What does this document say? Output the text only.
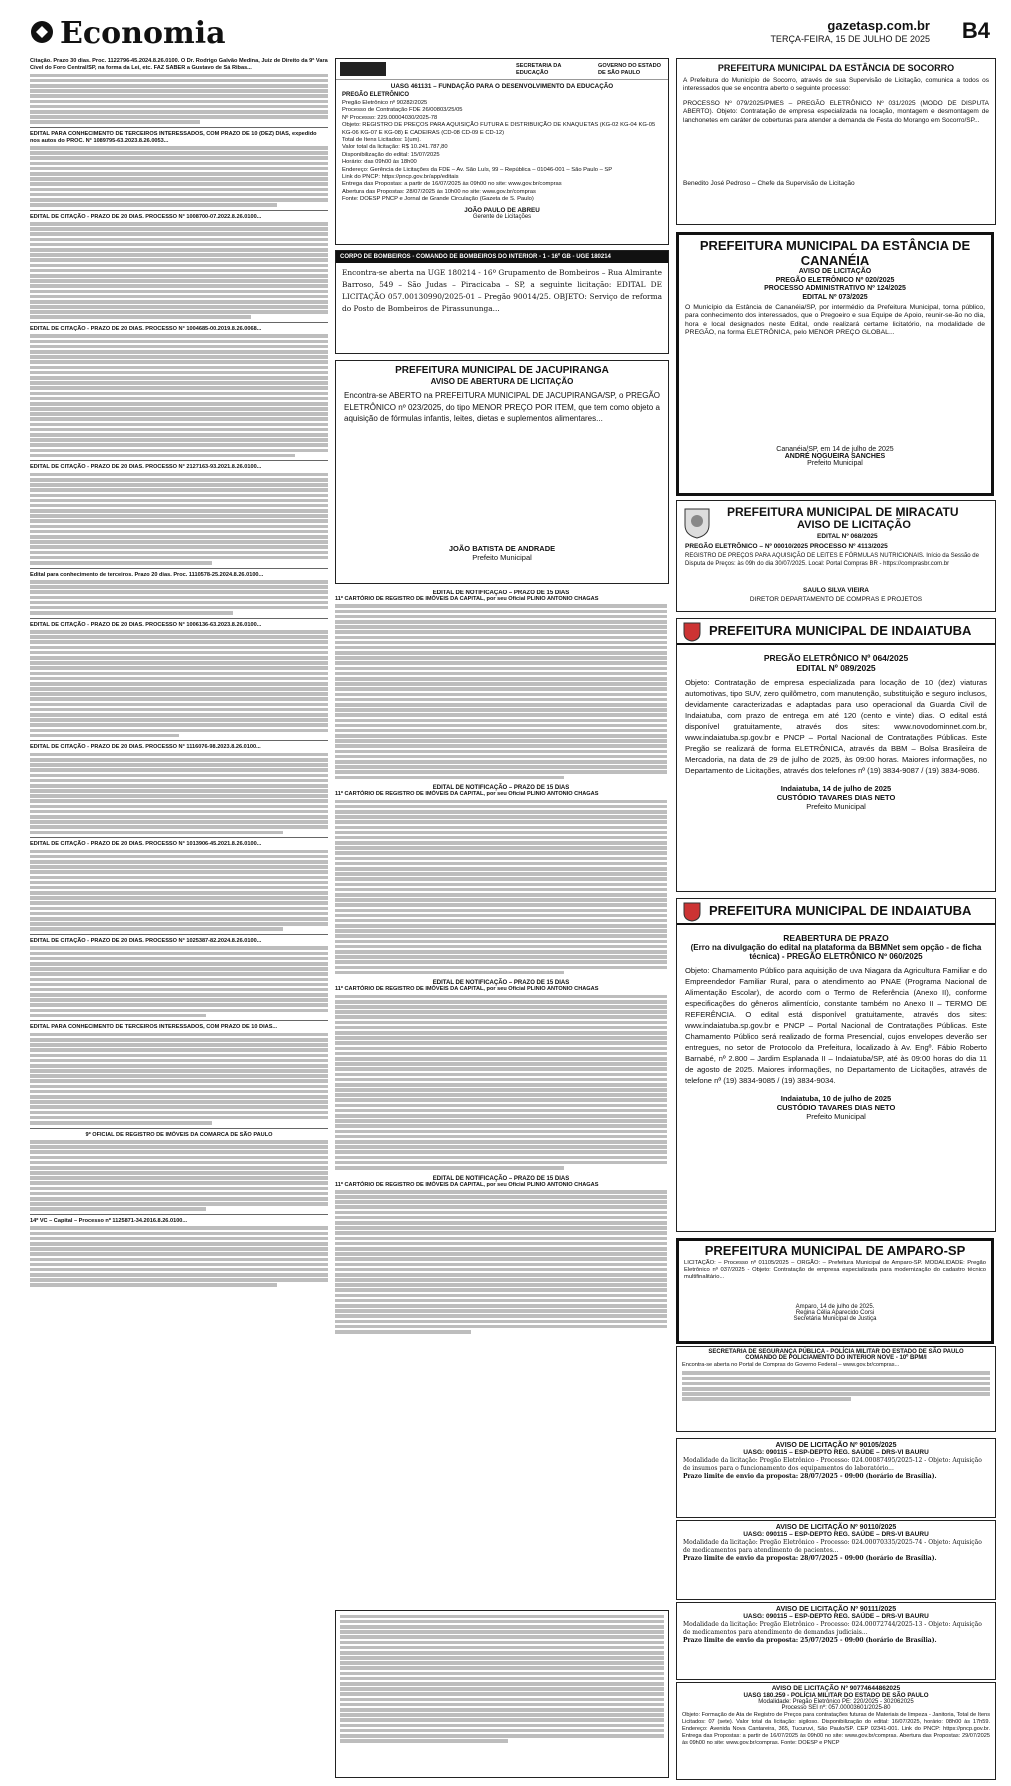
Economia	gazetasp.com.br
TERÇA-FEIRA, 15 DE JULHO DE 2025 B4
Citação. Prazo 30 dias. Proc. 1122796-45.2024.8.26.0100. O Dr. Rodrigo Galvão Medina, Juiz de Direito da 9ª Vara Cível do Foro Central/SP, na forma da Lei, etc. FAZ SABER a Gustavo de Sá Ribas...
EDITAL PARA CONHECIMENTO DE TERCEIROS INTERESSADOS, COM PRAZO DE 10 (DEZ) DIAS, expedido nos autos do PROC. N° 1089795-63.2023.8.26.0053...
EDITAL DE CITAÇÃO - PRAZO DE 20 DIAS. PROCESSO N° 1008700-07.2022.8.26.0100...
EDITAL DE CITAÇÃO - PRAZO DE 20 DIAS. PROCESSO N° 1004685-00.2019.8.26.0068...
EDITAL DE CITAÇÃO - PRAZO DE 20 DIAS. PROCESSO N° 2127163-93.2021.8.26.0100...
Edital para conhecimento de terceiros. Prazo 20 dias. Proc. 1110578-25.2024.8.26.0100...
EDITAL DE CITAÇÃO - PRAZO DE 20 DIAS. PROCESSO N° 1006136-63.2023.8.26.0100...
EDITAL DE CITAÇÃO - PRAZO DE 20 DIAS. PROCESSO N° 1116076-98.2023.8.26.0100...
EDITAL DE CITAÇÃO - PRAZO DE 20 DIAS. PROCESSO N° 1013906-45.2021.8.26.0100...
EDITAL DE CITAÇÃO - PRAZO DE 20 DIAS. PROCESSO N° 1025387-82.2024.8.26.0100...
EDITAL PARA CONHECIMENTO DE TERCEIROS INTERESSADOS, COM PRAZO DE 10 DIAS...
9º OFICIAL DE REGISTRO DE IMÓVEIS DA COMARCA DE SÃO PAULO
14º VC – Capital – Processo nº 1125871-34.2016.8.26.0100...
SECRETARIA DA EDUCAÇÃO
GOVERNO DO ESTADO DE SÃO PAULO
UASG 461131 – FUNDAÇÃO PARA O DESENVOLVIMENTO DA EDUCAÇÃO
PREGÃO ELETRÔNICO
Pregão Eletrônico nº 90282/2025
Processo de Contratação FDE 26/00803/25/05
Nº Processo: 229.00004030/2025-78
Objeto: REGISTRO DE PREÇOS PARA AQUISIÇÃO FUTURA E DISTRIBUIÇÃO DE KNAQUETAS (KG-02 KG-04 KG-05 KG-06 KG-07 E KG-08) E CADEIRAS (CD-08 CD-09 E CD-12)
Total de Itens Licitados: 1(um).
Valor total da licitação: R$ 10.241.787,80
Disponibilização do edital: 15/07/2025
Horário: das 09h00 às 18h00
Endereço: Gerência de Licitações da FDE – Av. São Luís, 99 – República – 01046-001 – São Paulo – SP
Link do PNCP: https://pncp.gov.br/app/editais
Entrega das Propostas: a partir de 16/07/2025 às 09h00 no site: www.gov.br/compras
Abertura das Propostas: 28/07/2025 às 10h00 no site: www.gov.br/compras
Fonte: DOESP PNCP e Jornal de Grande Circulação (Gazeta de S. Paulo)
JOÃO PAULO DE ABREU
Gerente de Licitações
CORPO DE BOMBEIROS - COMANDO DE BOMBEIROS DO INTERIOR - 1 - 16º GB - UGE 180214
Encontra-se aberta na UGE 180214 - 16º Grupamento de Bombeiros – Rua Almirante Barroso, 549 – São Judas – Piracicaba – SP, a seguinte licitação: EDITAL DE LICITAÇÃO 057.00130990/2025-01 – Pregão 90014/25. OBJETO: Serviço de reforma do Posto de Bombeiros de Pirassununga...
PREFEITURA MUNICIPAL DE JACUPIRANGA
AVISO DE ABERTURA DE LICITAÇÃO
Encontra-se ABERTO na PREFEITURA MUNICIPAL DE JACUPIRANGA/SP, o PREGÃO ELETRÔNICO nº 023/2025, do tipo MENOR PREÇO POR ITEM, que tem como objeto a aquisição de fórmulas infantis, leites, dietas e suplementos alimentares...
JOÃO BATISTA DE ANDRADE
Prefeito Municipal
EDITAL DE NOTIFICAÇÃO – PRAZO DE 15 DIAS
11º CARTÓRIO DE REGISTRO DE IMÓVEIS DA CAPITAL, por seu Oficial PLINIO ANTONIO CHAGAS
EDITAL DE NOTIFICAÇÃO – PRAZO DE 15 DIAS
11º CARTÓRIO DE REGISTRO DE IMÓVEIS DA CAPITAL, por seu Oficial PLINIO ANTONIO CHAGAS
EDITAL DE NOTIFICAÇÃO – PRAZO DE 15 DIAS
11º CARTÓRIO DE REGISTRO DE IMÓVEIS DA CAPITAL, por seu Oficial PLINIO ANTONIO CHAGAS
EDITAL DE NOTIFICAÇÃO – PRAZO DE 15 DIAS
11º CARTÓRIO DE REGISTRO DE IMÓVEIS DA CAPITAL, por seu Oficial PLINIO ANTONIO CHAGAS
PREFEITURA MUNICIPAL DA ESTÂNCIA DE SOCORRO
A Prefeitura do Município de Socorro, através de sua Supervisão de Licitação, comunica a todos os interessados que se encontra aberto o seguinte processo:
PROCESSO Nº 079/2025/PMES – PREGÃO ELETRÔNICO Nº 031/2025 (MODO DE DISPUTA ABERTO). Objeto: Contratação de empresa especializada na locação, montagem e desmontagem de lanchonetes em caráter de coberturas para atender a demanda de Festa do Morango em Socorro/SP...
Benedito José Pedroso – Chefe da Supervisão de Licitação
PREFEITURA MUNICIPAL DA ESTÂNCIA DE CANANÉIA
AVISO DE LICITAÇÃO
PREGÃO ELETRÔNICO Nº 020/2025
PROCESSO ADMINISTRATIVO Nº 124/2025
EDITAL Nº 073/2025
O Município da Estância de Cananéia/SP, por intermédio da Prefeitura Municipal, torna público, para conhecimento dos interessados, que o Pregoeiro e sua Equipe de Apoio, reunir-se-ão no dia, hora e local designados neste Edital, onde realizará certame licitatório, na modalidade de PREGÃO, na forma ELETRÔNICA, pelo MENOR PREÇO GLOBAL...
Cananéia/SP, em 14 de julho de 2025
ANDRÉ NOGUEIRA SANCHES
Prefeito Municipal
PREFEITURA MUNICIPAL DE MIRACATU
AVISO DE LICITAÇÃO
EDITAL Nº 068/2025
PREGÃO ELETRÔNICO – Nº 00010/2025 PROCESSO Nº 4113/2025
REGISTRO DE PREÇOS PARA AQUISIÇÃO DE LEITES E FÓRMULAS NUTRICIONAIS. Início da Sessão de Disputa de Preços: às 09h do dia 30/07/2025. Local: Portal Compras BR - https://comprasbr.com.br
SAULO SILVA VIEIRA
DIRETOR DEPARTAMENTO DE COMPRAS E PROJETOS
PREFEITURA MUNICIPAL DE INDAIATUBA
PREGÃO ELETRÔNICO Nº 064/2025
EDITAL Nº 089/2025
Objeto: Contratação de empresa especializada para locação de 10 (dez) viaturas automotivas, tipo SUV, zero quilômetro, com manutenção, substituição e seguro inclusos, devidamente caracterizadas e adaptadas para uso operacional da Guarda Civil de Indaiatuba, com prazo de entrega em até 120 (cento e vinte) dias. O edital está disponível gratuitamente, através dos sites: www.novodominnet.com.br, www.indaiatuba.sp.gov.br e PNCP – Portal Nacional de Contratações Públicas. Este Pregão se realizará de forma ELETRÔNICA, através da BBM – Bolsa Brasileira de Mercadoria, na data de 29 de julho de 2025, às 09:00 horas. Maiores informações, no Departamento de Licitações, através dos telefones nº (19) 3834-9087 / (19) 3834-9086.
Indaiatuba, 14 de julho de 2025
CUSTÓDIO TAVARES DIAS NETO
Prefeito Municipal
PREFEITURA MUNICIPAL DE INDAIATUBA
REABERTURA DE PRAZO
(Erro na divulgação do edital na plataforma da BBMNet sem opção - de ficha técnica) - PREGÃO ELETRÔNICO Nº 060/2025
Objeto: Chamamento Público para aquisição de uva Niagara da Agricultura Familiar e do Empreendedor Familiar Rural, para o atendimento ao PNAE (Programa Nacional de Alimentação Escolar), de acordo com o Termo de Referência (Anexo II), conforme especificações do gêneros alimentício, constante também no Anexo II – TERMO DE REFERÊNCIA. O edital está disponível gratuitamente, através dos sites: www.indaiatuba.sp.gov.br e PNCP – Portal Nacional de Contratações Públicas. Este Chamamento Público será realizado de forma Presencial, cujos envelopes deverão ser entregues, no setor de Protocolo da Prefeitura, localizado à Av. Engº. Fábio Roberto Barnabé, nº 2.800 – Jardim Esplanada II – Indaiatuba/SP, até às 09:00 horas do dia 11 de agosto de 2025. Maiores informações, no Departamento de Licitações, através de telefone nº (19) 3834-9085 / (19) 3834-9034.
Indaiatuba, 10 de julho de 2025
CUSTÓDIO TAVARES DIAS NETO
Prefeito Municipal
PREFEITURA MUNICIPAL DE AMPARO-SP
LICITAÇÃO: – Processo nº 01105/2025 – ORGÃO: – Prefeitura Municipal de Amparo-SP. MODALIDADE: Pregão Eletrônico nº 037/2025 - Objeto: Contratação de empresa especializada para modernização do cadastro técnico multifinalitário...
Amparo, 14 de julho de 2025.
Regina Célia Aparecido Corsi
Secretária Municipal de Justiça
SECRETARIA DE SEGURANÇA PÚBLICA - POLÍCIA MILITAR DO ESTADO DE SÃO PAULO
COMANDO DE POLICIAMENTO DO INTERIOR NOVE - 10º BPM/I
Encontra-se aberta no Portal de Compras do Governo Federal – www.gov.br/compras...
AVISO DE LICITAÇÃO Nº 90105/2025
UASG: 090115 – ESP-DEPTO REG. SAÚDE – DRS-VI BAURU
Modalidade da licitação: Pregão Eletrônico - Processo: 024.00087495/2025-12 - Objeto: Aquisição de insumos para o funcionamento dos equipamentos do laboratório...
Prazo limite de envio da proposta: 28/07/2025 - 09:00 (horário de Brasília).
AVISO DE LICITAÇÃO Nº 90110/2025
UASG: 090115 – ESP-DEPTO REG. SAÚDE – DRS-VI BAURU
Modalidade da licitação: Pregão Eletrônico - Processo: 024.00070335/2025-74 - Objeto: Aquisição de medicamentos para atendimento de pacientes...
Prazo limite de envio da proposta: 28/07/2025 - 09:00 (horário de Brasília).
AVISO DE LICITAÇÃO Nº 90111/2025
UASG: 090115 – ESP-DEPTO REG. SAÚDE – DRS-VI BAURU
Modalidade da licitação: Pregão Eletrônico - Processo: 024.00072744/2025-13 - Objeto: Aquisição de medicamentos para atendimento de demandas judiciais...
Prazo limite de envio da proposta: 25/07/2025 - 09:00 (horário de Brasília).
AVISO DE LICITAÇÃO Nº 90774644862025
UASG 180.259 - POLÍCIA MILITAR DO ESTADO DE SÃO PAULO
Modalidade: Pregão Eletrônico PE: 220/2025 - 302062025
Processo SEI nº: 057.00003601/2025-80
Objeto: Formação de Ata de Registro de Preços para contratações futuras de Materiais de limpeza - Janitoria, Total de Itens Licitados: 07 (sete). Valor total da licitação: sigiloso. Disponibilização do edital: 16/07/2025, horário: 08h00 às 17h59. Endereço: Avenida Nova Cantareira, 365, Tucuruvi, São Paulo/SP. CEP 02341-001. Link do PNCP: https://pncp.gov.br. Entrega das Propostas: a partir de 16/07/2025 às 09h00 no site: www.gov.br/compras. Abertura das Propostas: 29/07/2025 às 09h00 no site: www.gov.br/compras. Fonte: DOESP e PNCP
